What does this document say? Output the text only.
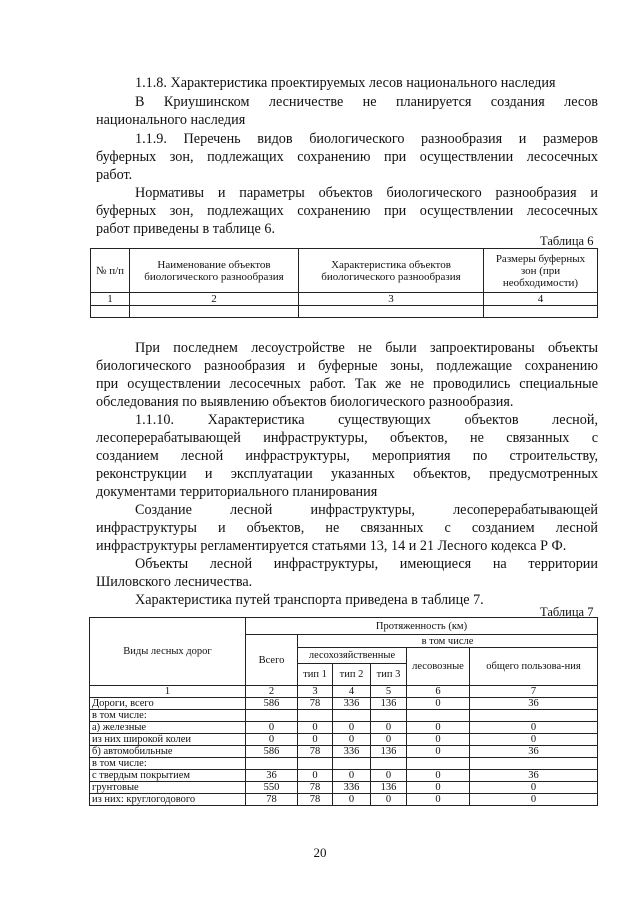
1.1.8. Характеристика проектируемых лесов национального наследия
В Криушинском лесничестве не планируется создания лесов
национального наследия
1.1.9. Перечень видов биологического разнообразия и размеров
буферных зон, подлежащих сохранению при осуществлении лесосечных
работ.
Нормативы и параметры объектов биологического разнообразия и
буферных зон, подлежащих сохранению при осуществлении лесосечных
работ приведены в таблице 6.
Таблица 6
№ п/п	Наименование объектов биологического разнообразия	Характеристика объектов биологического разнообразия	Размеры буферных зон (при необходимости)
1	2	3	4

При последнем лесоустройстве не были запроектированы объекты
биологического разнообразия и буферные зоны, подлежащие сохранению
при осуществлении лесосечных работ. Так же не проводились специальные
обследования по выявлению объектов биологического разнообразия.
1.1.10. Характеристика существующих объектов лесной,
лесоперерабатывающей инфраструктуры, объектов, не связанных с
созданием лесной инфраструктуры, мероприятия по строительству,
реконструкции и эксплуатации указанных объектов, предусмотренных
документами территориального планирования
Создание лесной инфраструктуры, лесоперерабатывающей
инфраструктуры и объектов, не связанных с созданием лесной
инфраструктуры регламентируется статьями 13, 14 и 21 Лесного кодекса Р Ф.
Объекты лесной инфраструктуры, имеющиеся на территории
Шиловского лесничества.
Характеристика путей транспорта приведена в таблице 7.
Таблица 7
Виды лесных дорог	Протяженность (км)					
	Всего	в том числе				
		лесохозяйственные			лесовозные	общего пользова-ния
		тип 1	тип 2	тип 3		
1	2	3	4	5	6	7
Дороги, всего	586	78	336	136	0	36
в том числе:						
а) железные	0	0	0	0	0	0
из них широкой колеи	0	0	0	0	0	0
б) автомобильные	586	78	336	136	0	36
в том числе:						
с твердым покрытием	36	0	0	0	0	36
грунтовые	550	78	336	136	0	0
из них: круглогодового	78	78	0	0	0	0
20
